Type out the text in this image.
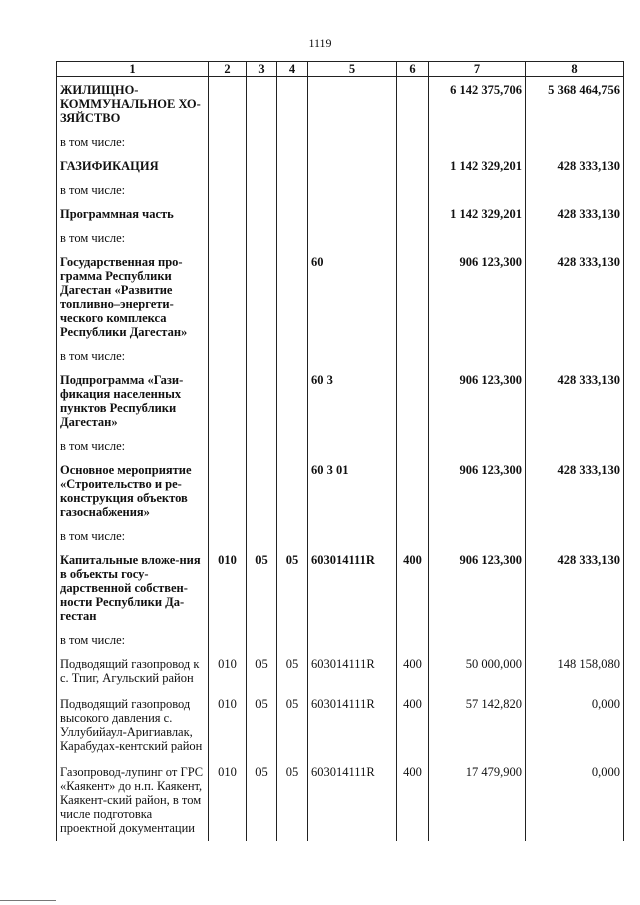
1119
1	2	3	4	5	6	7	8
ЖИЛИЩНО-КОММУНАЛЬНОЕ ХО-ЗЯЙСТВО						6 142 375,706	5 368 464,756
в том числе:							
ГАЗИФИКАЦИЯ						1 142 329,201	428 333,130
в том числе:							
Программная часть						1 142 329,201	428 333,130
в том числе:							
Государственная про-грамма Республики Дагестан «Развитие топливно–энергети-ческого комплекса Республики Дагестан»				60		906 123,300	428 333,130
в том числе:							
Подпрограмма «Гази-фикация населенных пунктов Республики Дагестан»				60 3		906 123,300	428 333,130
в том числе:							
Основное мероприятие «Строительство и ре-конструкция объектов газоснабжения»				60 3 01		906 123,300	428 333,130
в том числе:							
Капитальные вложе-ния в объекты госу-дарственной собствен-ности Республики Да-гестан	010	05	05	603014111R	400	906 123,300	428 333,130
в том числе:							
Подводящий газопровод к с. Тпиг, Агульский район	010	05	05	603014111R	400	50 000,000	148 158,080
Подводящий газопровод высокого давления с. Уллубийаул-Аригиавлак, Карабудах-кентский район	010	05	05	603014111R	400	57 142,820	0,000
Газопровод-лупинг от ГРС «Каякент» до н.п. Каякент, Каякент-ский район, в том числе подготовка проектной документации	010	05	05	603014111R	400	17 479,900	0,000
